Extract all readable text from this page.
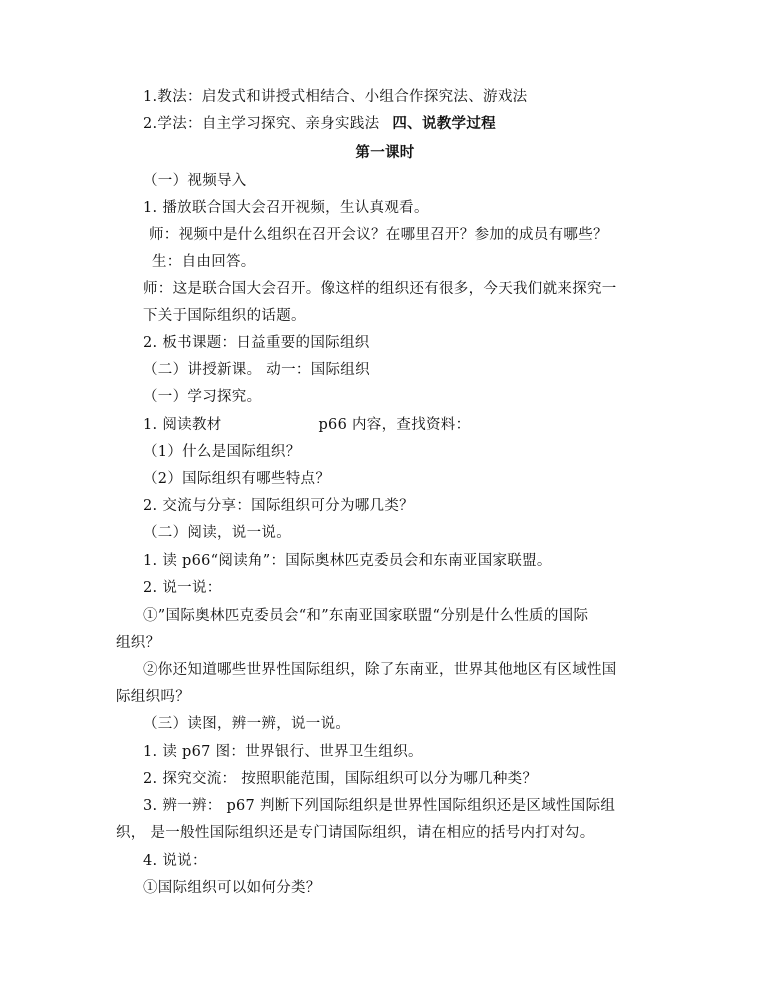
1.教法：启发式和讲授式相结合、小组合作探究法、游戏法
2.学法：自主学习探究、亲身实践法 四、说教学过程
第一课时
（一）视频导入
1. 播放联合国大会召开视频，生认真观看。
师：视频中是什么组织在召开会议？在哪里召开？参加的成员有哪些？
生：自由回答。
师：这是联合国大会召开。像这样的组织还有很多，今天我们就来探究一
下关于国际组织的话题。
2. 板书课题：日益重要的国际组织
（二）讲授新课。 动一：国际组织
（一）学习探究。
1. 阅读教材	p66 内容，查找资料：
（1）什么是国际组织？
（2）国际组织有哪些特点？
2. 交流与分享：国际组织可分为哪几类？
（二）阅读，说一说。
1. 读 p66“阅读角”：国际奥林匹克委员会和东南亚国家联盟。
2. 说一说：
①”国际奥林匹克委员会“和”东南亚国家联盟“分别是什么性质的国际
组织？
②你还知道哪些世界性国际组织，除了东南亚，世界其他地区有区域性国
际组织吗？
（三）读图，辨一辨，说一说。
1. 读 p67 图：世界银行、世界卫生组织。
2. 探究交流： 按照职能范围，国际组织可以分为哪几种类？
3. 辨一辨： p67 判断下列国际组织是世界性国际组织还是区域性国际组
织， 是一般性国际组织还是专门请国际组织，请在相应的括号内打对勾。
4. 说说：
①国际组织可以如何分类？
